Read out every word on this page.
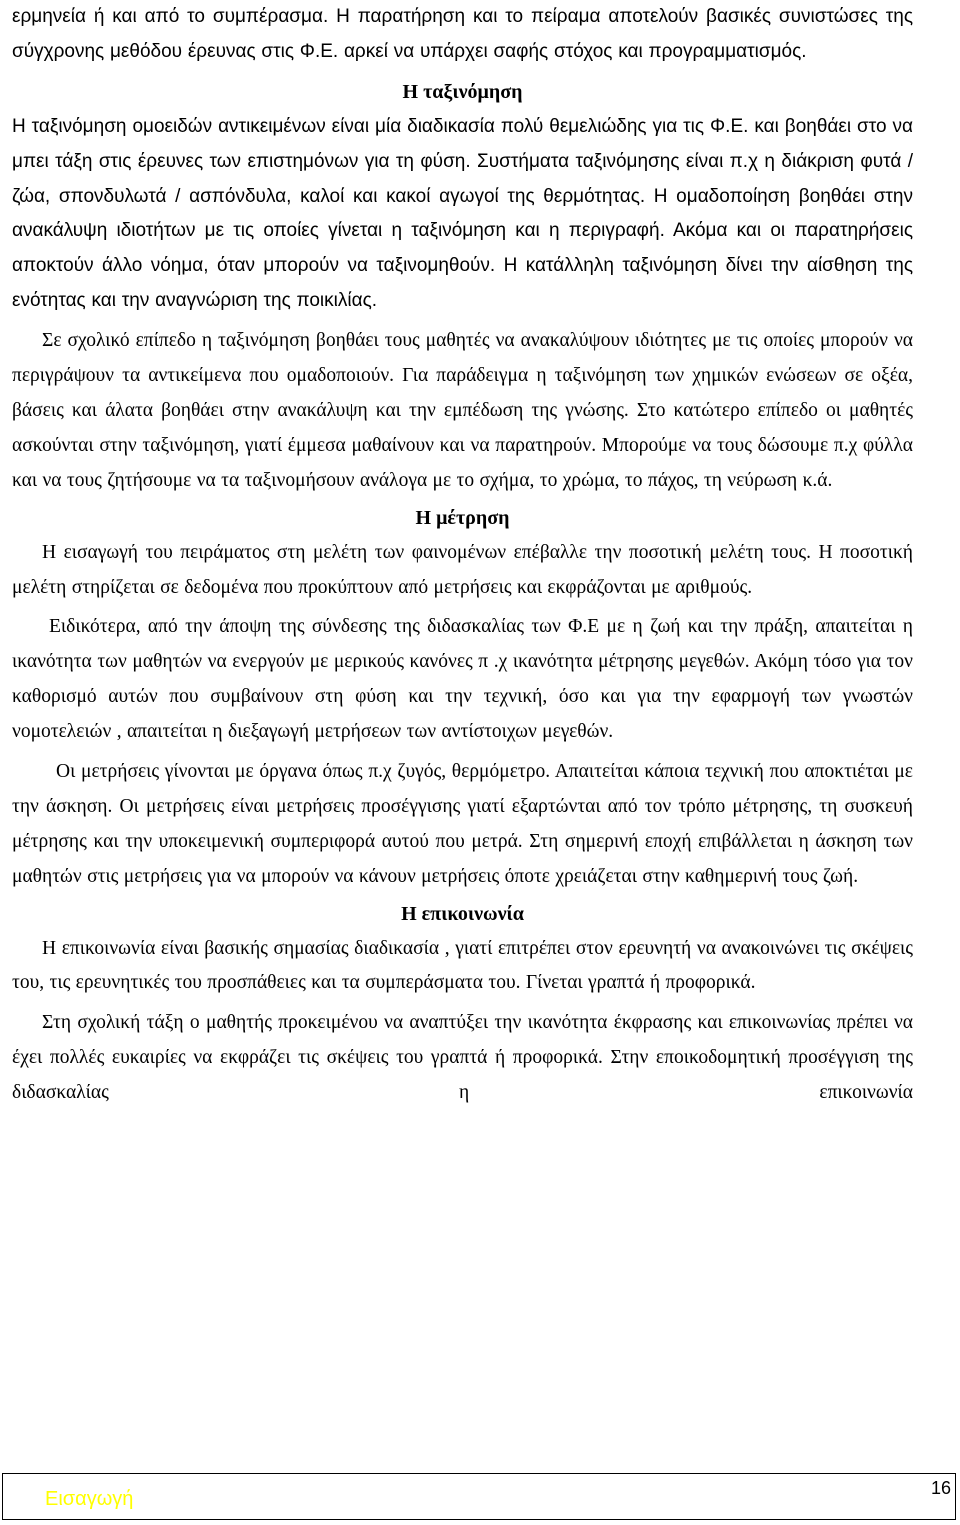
ερμηνεία ή και από το συμπέρασμα. Η παρατήρηση και το πείραμα αποτελούν βασικές συνιστώσες της σύγχρονης μεθόδου έρευνας στις Φ.Ε. αρκεί να υπάρχει σαφής στόχος και προγραμματισμός.

Η ταξινόμηση

Η ταξινόμηση ομοειδών αντικειμένων είναι μία διαδικασία πολύ θεμελιώδης για τις Φ.Ε. και βοηθάει στο να μπει τάξη στις έρευνες των επιστημόνων για τη φύση. Συστήματα ταξινόμησης είναι π.χ η διάκριση φυτά / ζώα, σπονδυλωτά / ασπόνδυλα, καλοί και κακοί αγωγοί της θερμότητας. Η ομαδοποίηση βοηθάει στην ανακάλυψη ιδιοτήτων με τις οποίες γίνεται η ταξινόμηση και η περιγραφή. Ακόμα και οι παρατηρήσεις αποκτούν άλλο νόημα, όταν μπορούν να ταξινομηθούν. Η κατάλληλη ταξινόμηση δίνει την αίσθηση της ενότητας και την αναγνώριση της ποικιλίας.

Σε σχολικό επίπεδο η ταξινόμηση βοηθάει τους μαθητές να ανακαλύψουν ιδιότητες με τις οποίες μπορούν να περιγράψουν τα αντικείμενα που ομαδοποιούν. Για παράδειγμα η ταξινόμηση των χημικών ενώσεων σε οξέα, βάσεις και άλατα βοηθάει στην ανακάλυψη και την εμπέδωση της γνώσης. Στο κατώτερο επίπεδο οι μαθητές ασκούνται στην ταξινόμηση, γιατί έμμεσα μαθαίνουν και να παρατηρούν. Μπορούμε να τους δώσουμε π.χ φύλλα και να τους ζητήσουμε να τα ταξινομήσουν ανάλογα με το σχήμα, το χρώμα, το πάχος, τη νεύρωση κ.ά.

Η μέτρηση

Η εισαγωγή του πειράματος στη μελέτη των φαινομένων επέβαλλε την ποσοτική μελέτη τους. Η ποσοτική μελέτη στηρίζεται σε δεδομένα που προκύπτουν από μετρήσεις και εκφράζονται με αριθμούς.

Ειδικότερα, από την άποψη της σύνδεσης της διδασκαλίας των Φ.Ε με η ζωή και την πράξη, απαιτείται η ικανότητα των μαθητών να ενεργούν με μερικούς κανόνες π .χ ικανότητα μέτρησης μεγεθών. Ακόμη τόσο για τον καθορισμό αυτών που συμβαίνουν στη φύση και την τεχνική, όσο και για την εφαρμογή των γνωστών νομοτελειών , απαιτείται η διεξαγωγή μετρήσεων των αντίστοιχων μεγεθών.

Οι μετρήσεις γίνονται με όργανα όπως π.χ ζυγός, θερμόμετρο. Απαιτείται κάποια τεχνική που αποκτιέται με την άσκηση. Οι μετρήσεις είναι μετρήσεις προσέγγισης γιατί εξαρτώνται από τον τρόπο μέτρησης, τη συσκευή μέτρησης και την υποκειμενική συμπεριφορά αυτού που μετρά. Στη σημερινή εποχή επιβάλλεται η άσκηση των μαθητών στις μετρήσεις για να μπορούν να κάνουν μετρήσεις όποτε χρειάζεται στην καθημερινή τους ζωή.

Η επικοινωνία

Η επικοινωνία είναι βασικής σημασίας διαδικασία , γιατί επιτρέπει στον ερευνητή να ανακοινώνει τις σκέψεις του, τις ερευνητικές του προσπάθειες και τα συμπεράσματα του. Γίνεται γραπτά ή προφορικά.

Στη σχολική τάξη ο μαθητής προκειμένου να αναπτύξει την ικανότητα έκφρασης και επικοινωνίας πρέπει να έχει πολλές ευκαιρίες να εκφράζει τις σκέψεις του γραπτά ή προφορικά. Στην εποικοδομητική προσέγγιση της διδασκαλίας η επικοινωνία

Εισαγωγή	16
